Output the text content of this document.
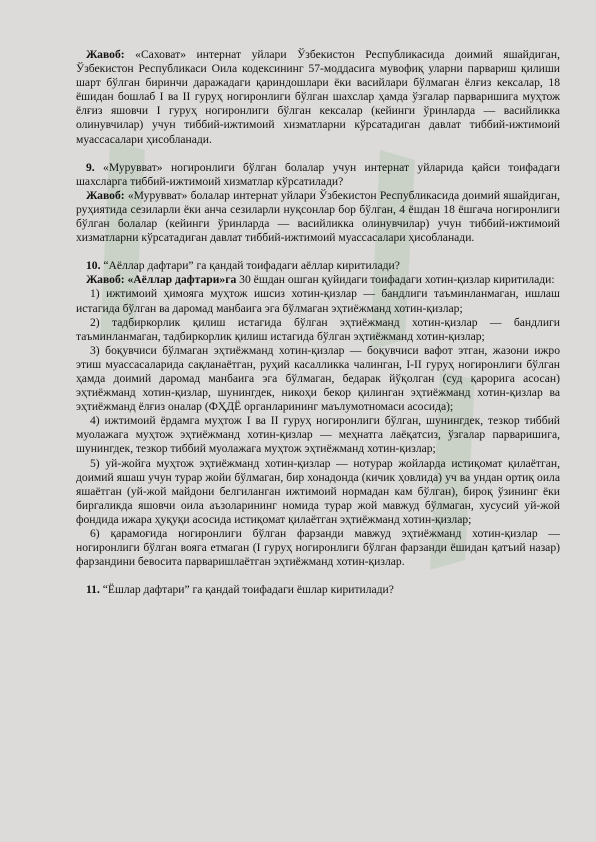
Жавоб: «Саховат» интернат уйлари Ўзбекистон Республикасида доимий яшайдиган, Ўзбекистон Республикаси Оила кодексининг 57-моддасига мувофиқ уларни парвариш қилиши шарт бўлган биринчи даражадаги қариндошлари ёки васийлари бўлмаган ёлғиз кексалар, 18 ёшидан бошлаб I ва II гуруҳ ногиронлиги бўлган шахслар ҳамда ўзгалар парваришига муҳтож ёлғиз яшовчи I гуруҳ ногиронлиги бўлган кексалар (кейинги ўринларда — васийликка олинувчилар) учун тиббий-ижтимоий хизматларни кўрсатадиган давлат тиббий-ижтимоий муассасалари ҳисобланади.

9. «Мурувват» ногиронлиги бўлган болалар учун интернат уйларида қайси тоифадаги шахсларга тиббий-ижтимоий хизматлар кўрсатилади?

Жавоб: «Мурувват» болалар интернат уйлари Ўзбекистон Республикасида доимий яшайдиган, руҳиятида сезиларли ёки анча сезиларли нуқсонлар бор бўлган, 4 ёшдан 18 ёшгача ногиронлиги бўлган болалар (кейинги ўринларда — васийликка олинувчилар) учун тиббий-ижтимоий хизматларни кўрсатадиган давлат тиббий-ижтимоий муассасалари ҳисобланади.

10. “Аёллар дафтари” га қандай тоифадаги аёллар киритилади?

Жавоб: «Аёллар дафтари»га 30 ёшдан ошган қуйидаги тоифадаги хотин-қизлар киритилади:

1) ижтимоий ҳимояга муҳтож ишсиз хотин-қизлар — бандлиги таъминланмаган, ишлаш истагида бўлган ва даромад манбаига эга бўлмаган эҳтиёжманд хотин-қизлар;

2) тадбиркорлик қилиш истагида бўлган эҳтиёжманд хотин-қизлар — бандлиги таъминланмаган, тадбиркорлик қилиш истагида бўлган эҳтиёжманд хотин-қизлар;

3) боқувчиси бўлмаган эҳтиёжманд хотин-қизлар — боқувчиси вафот этган, жазони ижро этиш муассасаларида сақланаётган, руҳий касалликка чалинган, I-II гуруҳ ногиронлиги бўлган ҳамда доимий даромад манбаига эга бўлмаган, бедарак йўқолган (суд қарорига асосан) эҳтиёжманд хотин-қизлар, шунингдек, никоҳи бекор қилинган эҳтиёжманд хотин-қизлар ва эҳтиёжманд ёлғиз оналар (ФҲДЁ органларининг маълумотномаси асосида);

4) ижтимоий ёрдамга муҳтож I ва II гуруҳ ногиронлиги бўлган, шунингдек, тезкор тиббий муолажага муҳтож эҳтиёжманд хотин-қизлар — меҳнатга лаёқатсиз, ўзгалар парваришига, шунингдек, тезкор тиббий муолажага муҳтож эҳтиёжманд хотин-қизлар;

5) уй-жойга муҳтож эҳтиёжманд хотин-қизлар — нотурар жойларда истиқомат қилаётган, доимий яшаш учун турар жойи бўлмаган, бир хонадонда (кичик ҳовлида) уч ва ундан ортиқ оила яшаётган (уй-жой майдони белгиланган ижтимоий нормадан кам бўлган), бироқ ўзининг ёки биргаликда яшовчи оила аъзоларининг номида турар жой мавжуд бўлмаган, хусусий уй-жой фондида ижара ҳуқуқи асосида истиқомат қилаётган эҳтиёжманд хотин-қизлар;

6) қарамоғида ногиронлиги бўлган фарзанди мавжуд эҳтиёжманд хотин-қизлар — ногиронлиги бўлган вояга етмаган (I гуруҳ ногиронлиги бўлган фарзанди ёшидан қатъий назар) фарзандини бевосита парваришлаётган эҳтиёжманд хотин-қизлар.

11. “Ёшлар дафтари” га қандай тоифадаги ёшлар киритилади?
